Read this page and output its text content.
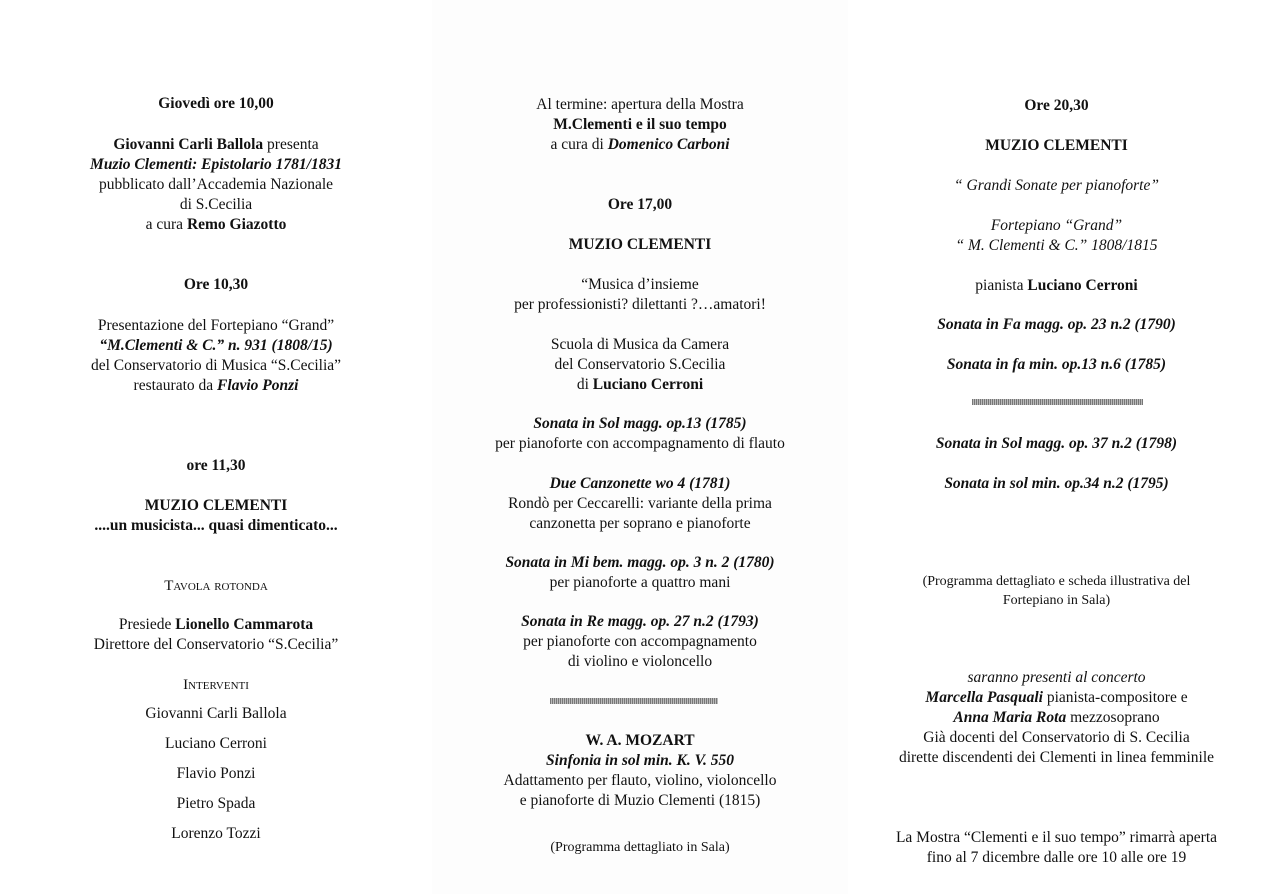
Giovedì ore 10,00
Giovanni Carli Ballola presenta
Muzio Clementi: Epistolario 1781/1831
pubblicato dall’Accademia Nazionale
di S.Cecilia
a cura Remo Giazotto
Ore 10,30
Presentazione del Fortepiano “Grand”
“M.Clementi & C.” n. 931 (1808/15)
del Conservatorio di Musica “S.Cecilia”
restaurato da Flavio Ponzi
ore 11,30
MUZIO CLEMENTI
....un musicista... quasi dimenticato...
Tavola rotonda
Presiede Lionello Cammarota
Direttore del Conservatorio “S.Cecilia”
Interventi
Giovanni Carli Ballola
Luciano Cerroni
Flavio Ponzi
Pietro Spada
Lorenzo Tozzi
Al termine: apertura della Mostra
M.Clementi e il suo tempo
a cura di Domenico Carboni
Ore 17,00
MUZIO CLEMENTI
“Musica d’insieme
per professionisti? dilettanti ?…amatori!
Scuola di Musica da Camera
del Conservatorio S.Cecilia
di Luciano Cerroni
Sonata in Sol magg. op.13 (1785)
per pianoforte con accompagnamento di flauto
Due Canzonette wo 4 (1781)
Rondò per Ceccarelli: variante della prima
canzonetta per soprano e pianoforte
Sonata in Mi bem. magg. op. 3 n. 2 (1780)
per pianoforte a quattro mani
Sonata in Re magg. op. 27 n.2 (1793)
per pianoforte con accompagnamento
di violino e violoncello
W. A. MOZART
Sinfonia in sol min. K. V. 550
Adattamento per flauto, violino, violoncello
e pianoforte di Muzio Clementi (1815)
(Programma dettagliato in Sala)
Ore 20,30
MUZIO CLEMENTI
“ Grandi Sonate per pianoforte”
Fortepiano “Grand”
“ M. Clementi & C.” 1808/1815
pianista Luciano Cerroni
Sonata in Fa magg. op. 23 n.2 (1790)
Sonata in fa min. op.13 n.6 (1785)
Sonata in Sol magg. op. 37 n.2 (1798)
Sonata in sol min. op.34 n.2 (1795)
(Programma dettagliato e scheda illustrativa del
Fortepiano in Sala)
saranno presenti al concerto
Marcella Pasquali pianista-compositore e
Anna Maria Rota mezzosoprano
Già docenti del Conservatorio di S. Cecilia
dirette discendenti dei Clementi in linea femminile
La Mostra “Clementi e il suo tempo” rimarrà aperta
fino al 7 dicembre dalle ore 10 alle ore 19
